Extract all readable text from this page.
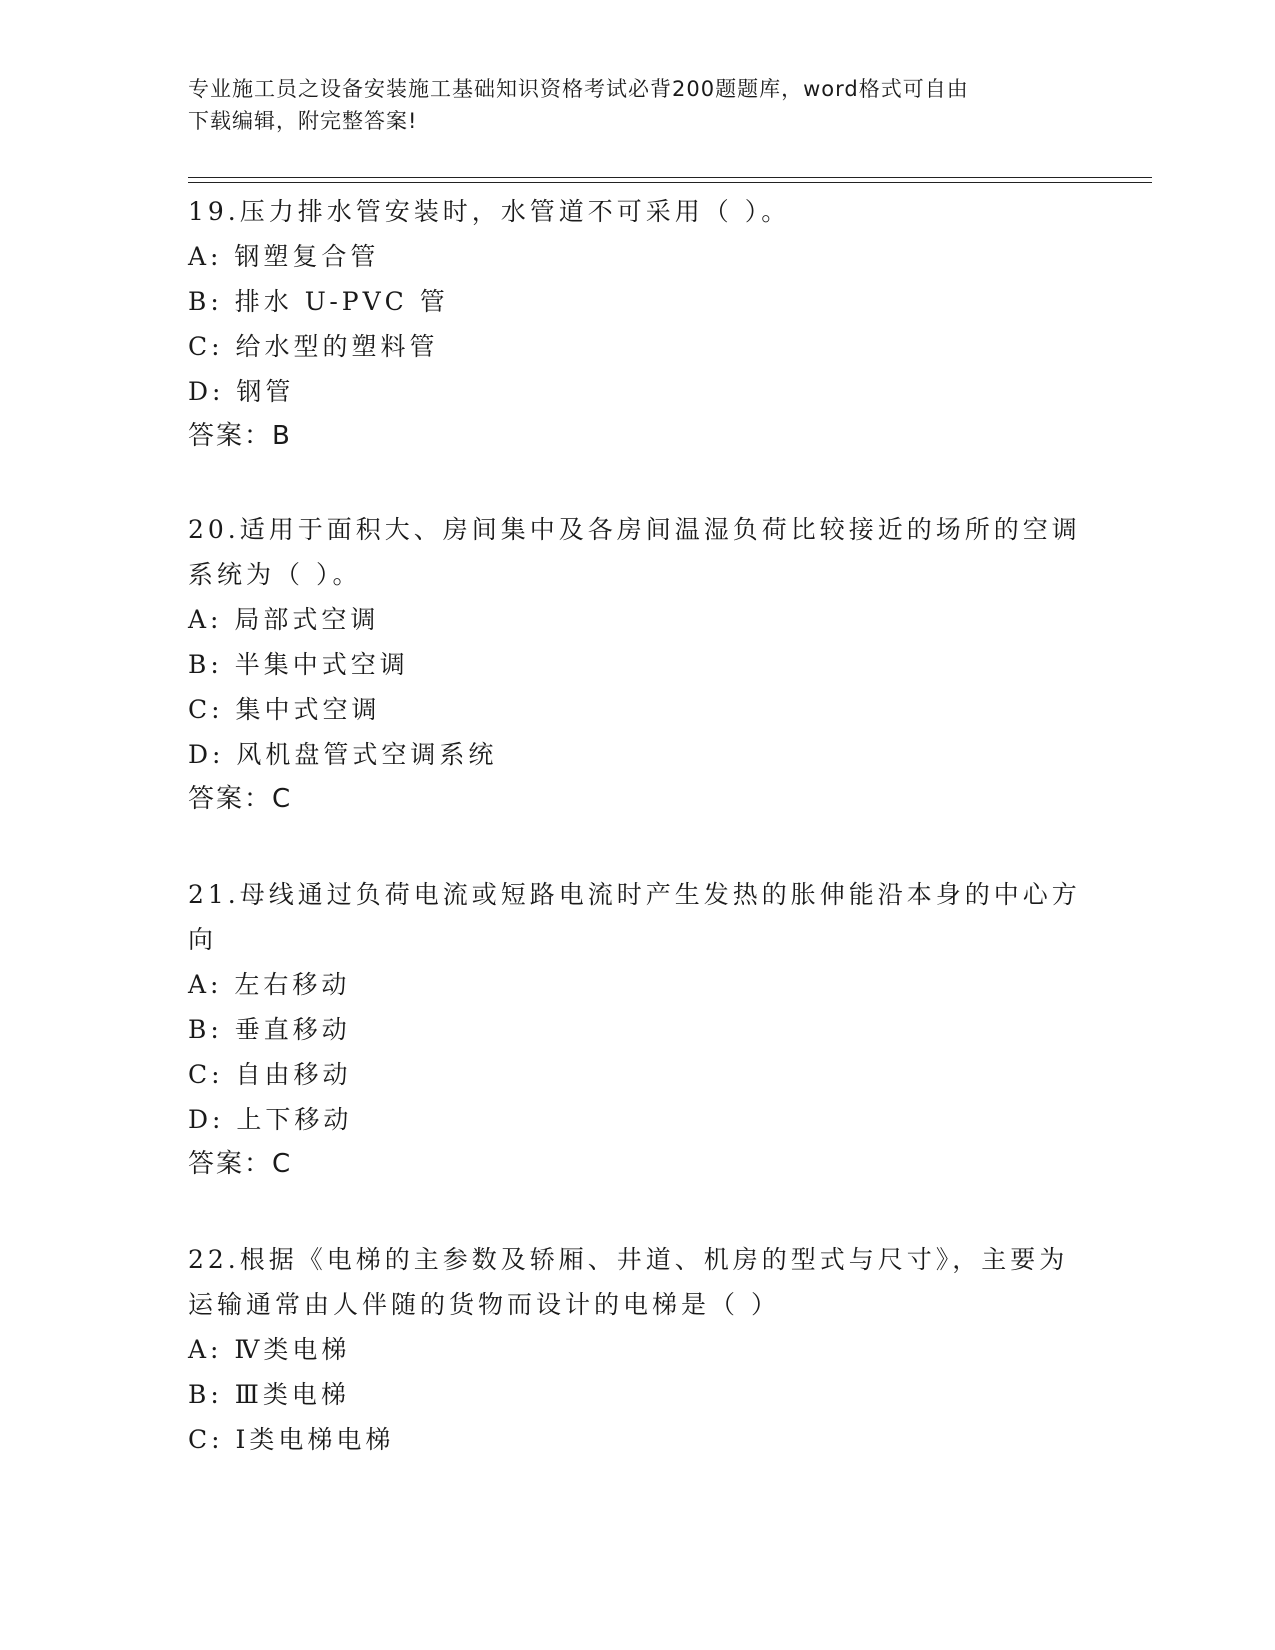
专业施工员之设备安装施工基础知识资格考试必背200题题库，word格式可自由
下载编辑，附完整答案!
19.压力排水管安装时，水管道不可采用（ ）。
A: 钢塑复合管
B: 排水 U-PVC 管
C: 给水型的塑料管
D: 钢管
答案：B
20.适用于面积大、房间集中及各房间温湿负荷比较接近的场所的空调
系统为（ ）。
A: 局部式空调
B: 半集中式空调
C: 集中式空调
D: 风机盘管式空调系统
答案：C
21.母线通过负荷电流或短路电流时产生发热的胀伸能沿本身的中心方
向
A: 左右移动
B: 垂直移动
C: 自由移动
D: 上下移动
答案：C
22.根据《电梯的主参数及轿厢、井道、机房的型式与尺寸》，主要为
运输通常由人伴随的货物而设计的电梯是（ ）
A: Ⅳ类电梯
B: Ⅲ类电梯
C: Ⅰ类电梯电梯
